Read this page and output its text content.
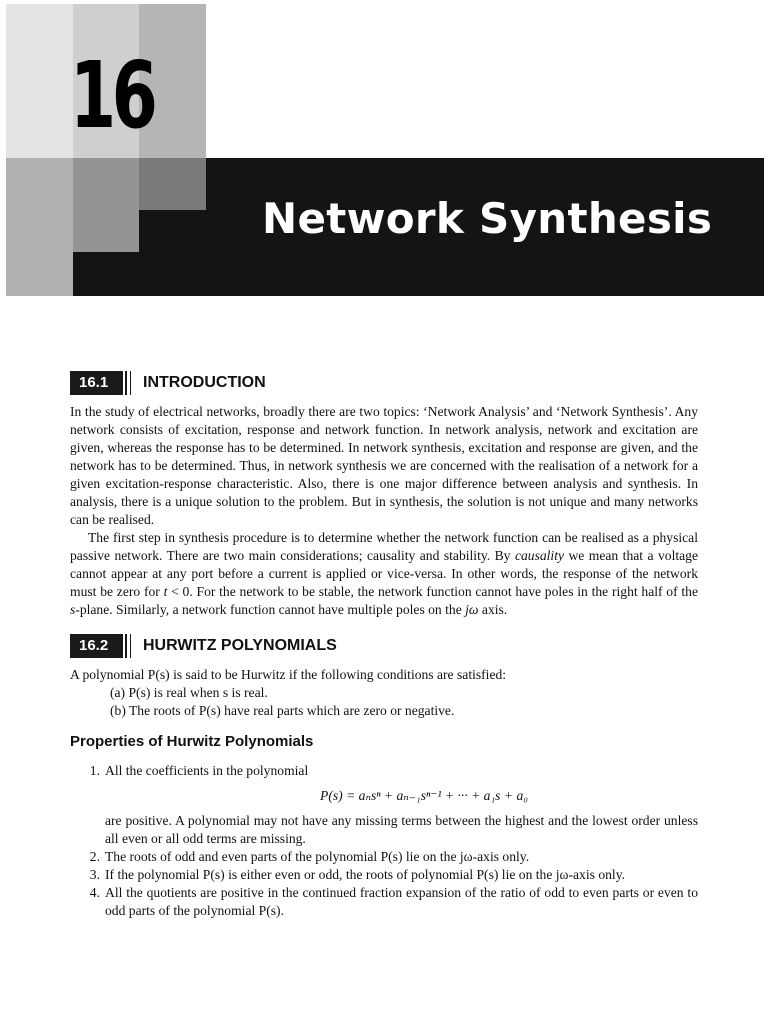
16
Network Synthesis
16.1	INTRODUCTION

In the study of electrical networks, broadly there are two topics: ‘Network Analysis’ and ‘Network Synthesis’. Any network consists of excitation, response and network function. In network analysis, network and excitation are given, whereas the response has to be determined. In network synthesis, excitation and response are given, and the network has to be determined. Thus, in network synthesis we are concerned with the realisation of a network for a given excitation-response characteristic. Also, there is one major difference between analysis and synthesis. In analysis, there is a unique solution to the problem. But in synthesis, the solution is not unique and many networks can be realised.

The first step in synthesis procedure is to determine whether the network function can be realised as a physical passive network. There are two main considerations; causality and stability. By causality we mean that a voltage cannot appear at any port before a current is applied or vice-versa. In other words, the response of the network must be zero for t < 0. For the network to be stable, the network function cannot have poles in the right half of the s-plane. Similarly, a network function cannot have multiple poles on the jω axis.

16.2	HURWITZ POLYNOMIALS
A polynomial P(s) is said to be Hurwitz if the following conditions are satisfied:
(a) P(s) is real when s is real.
(b) The roots of P(s) have real parts which are zero or negative.
Properties of Hurwitz Polynomials
1. All the coefficients in the polynomial
P(s) = aₙsⁿ + aₙ₋₁sⁿ⁻¹ + ··· + a₁s + a₀
are positive. A polynomial may not have any missing terms between the highest and the lowest order unless all even or all odd terms are missing.
2. The roots of odd and even parts of the polynomial P(s) lie on the jω-axis only.
3. If the polynomial P(s) is either even or odd, the roots of polynomial P(s) lie on the jω-axis only.
4. All the quotients are positive in the continued fraction expansion of the ratio of odd to even parts or even to odd parts of the polynomial P(s).
